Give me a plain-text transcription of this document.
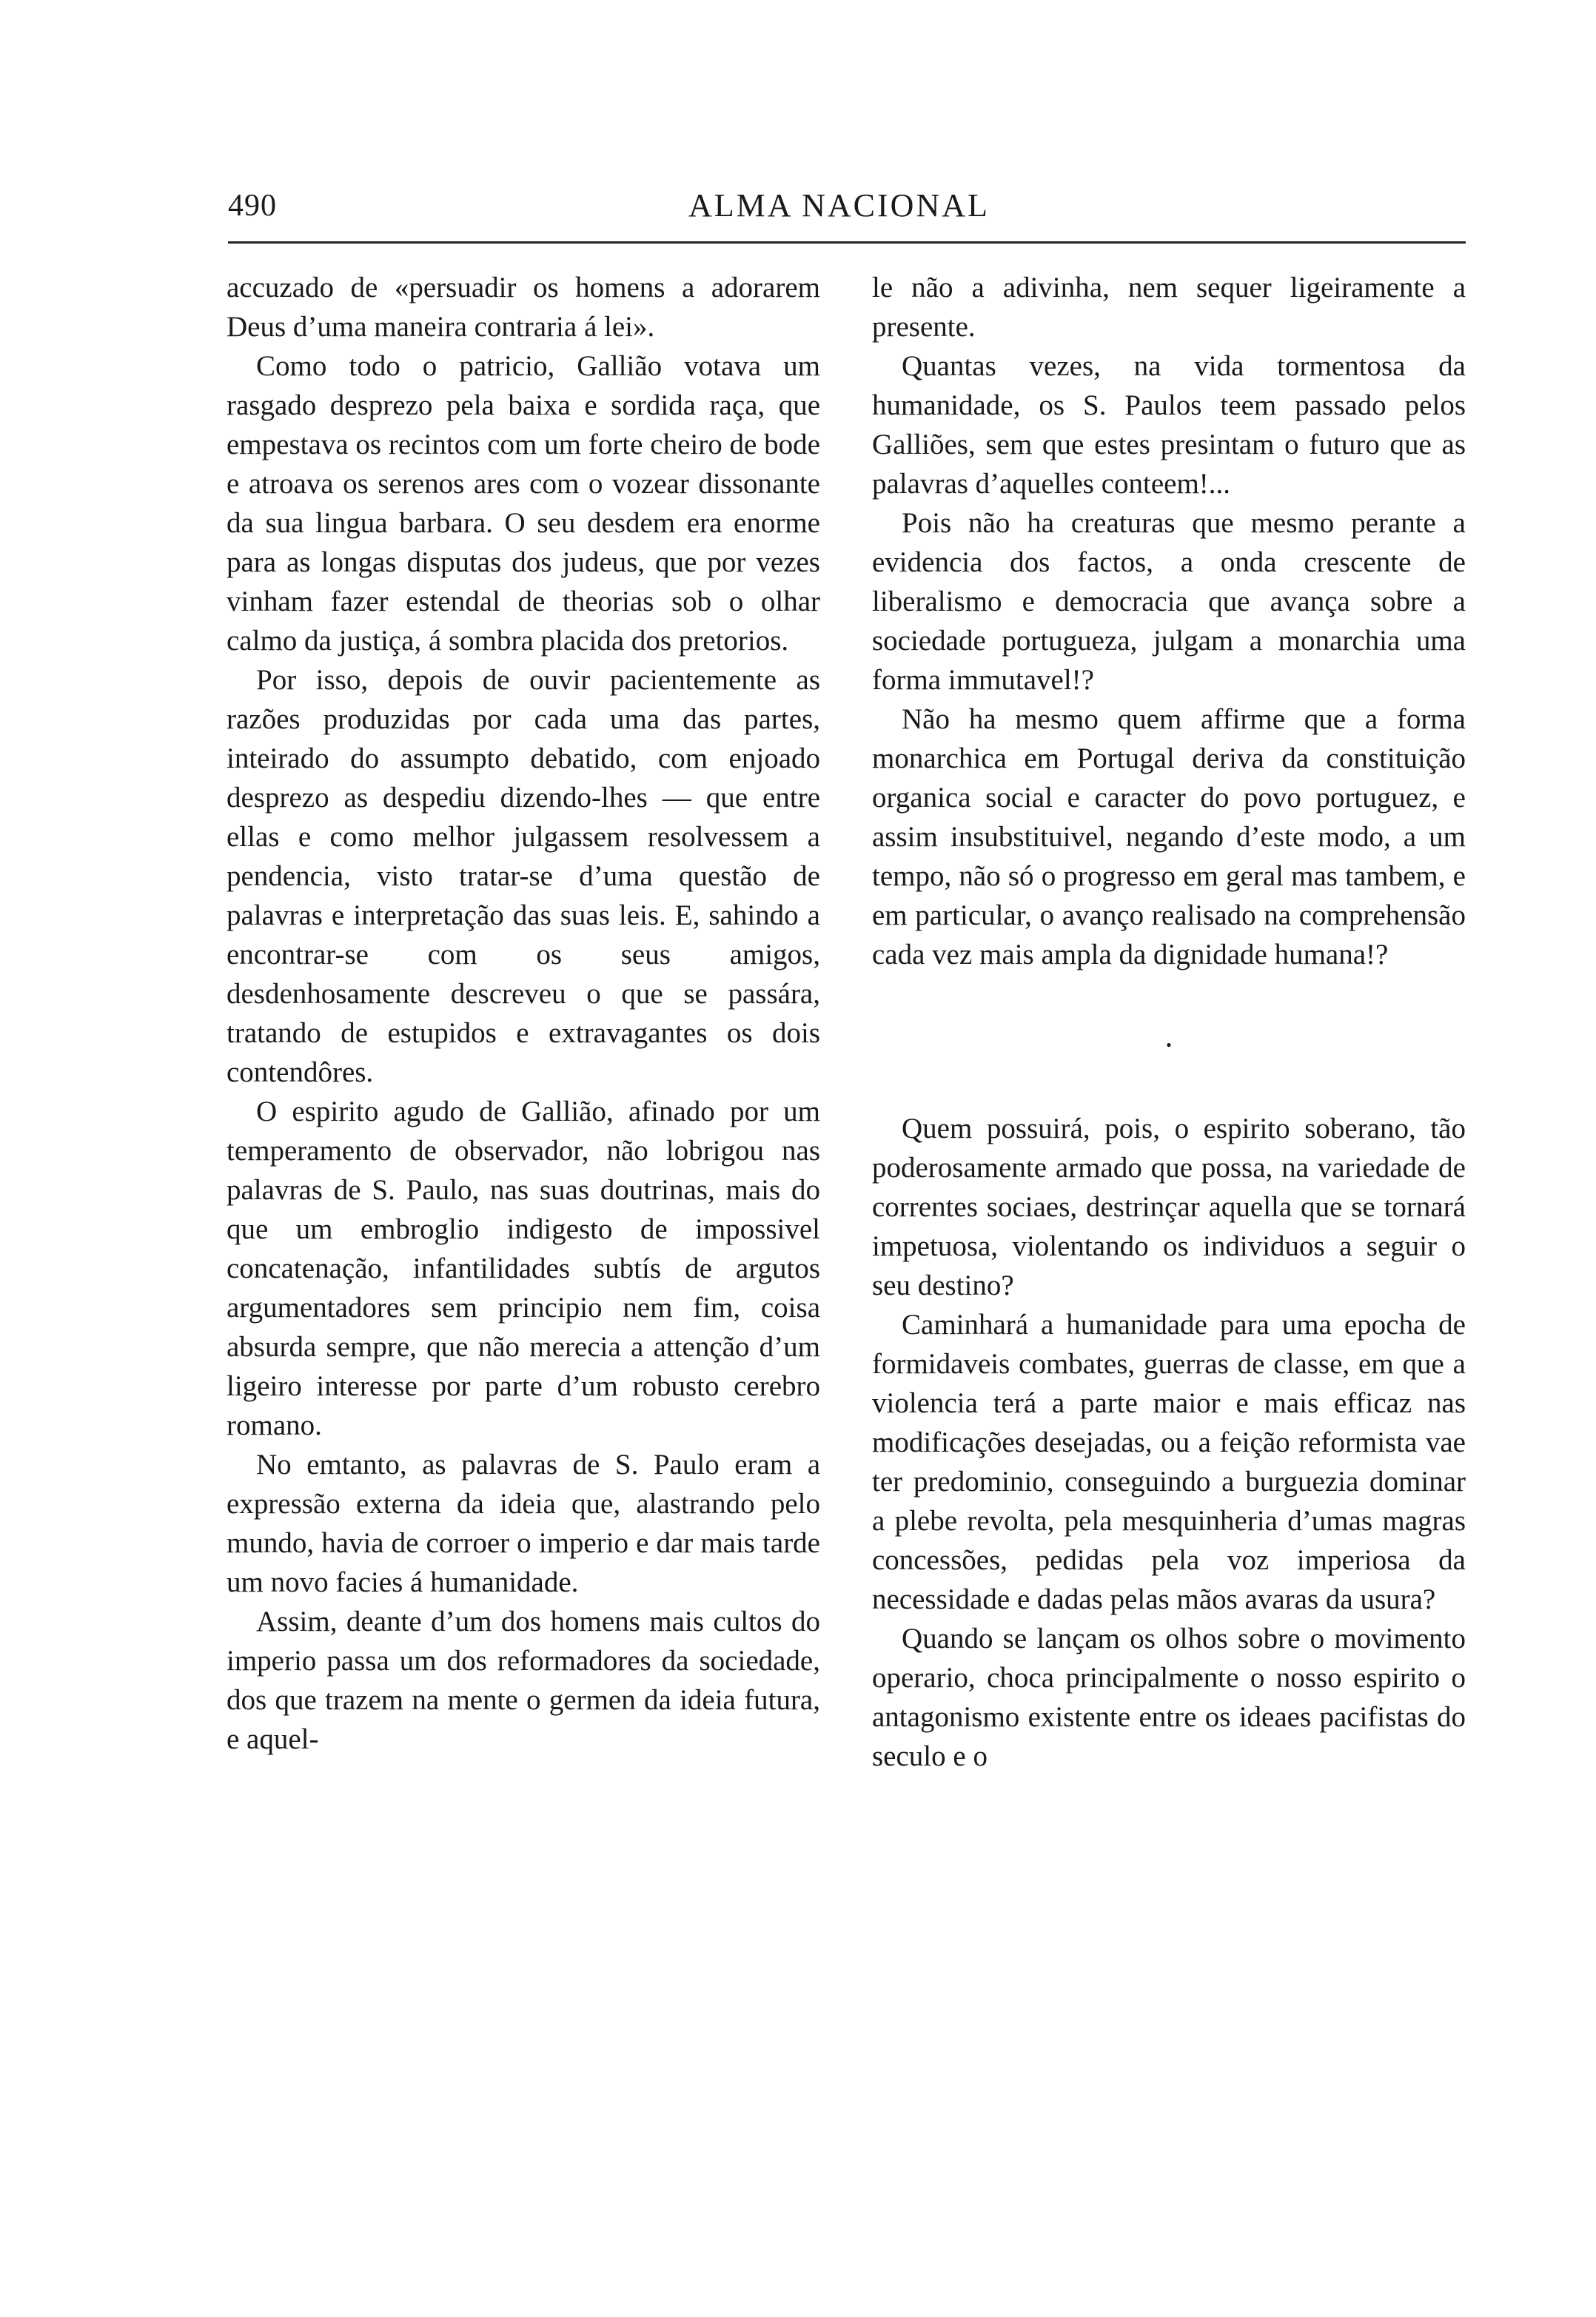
490	ALMA NACIONAL

accuzado de «persuadir os homens a adorarem Deus d’uma maneira contraria á lei».

Como todo o patricio, Gallião votava um rasgado desprezo pela baixa e sordida raça, que empestava os recintos com um forte cheiro de bode e atroava os serenos ares com o vozear dissonante da sua lingua barbara. O seu desdem era enorme para as longas disputas dos judeus, que por vezes vinham fazer estendal de theorias sob o olhar calmo da justiça, á sombra placida dos pretorios.

Por isso, depois de ouvir pacientemente as razões produzidas por cada uma das partes, inteirado do assumpto debatido, com enjoado desprezo as despediu dizendo-lhes — que entre ellas e como melhor julgassem resolvessem a pendencia, visto tratar-se d’uma questão de palavras e interpretação das suas leis. E, sahindo a encontrar-se com os seus amigos, desdenhosamente descreveu o que se passára, tratando de estupidos e extravagantes os dois contendôres.

O espirito agudo de Gallião, afinado por um temperamento de observador, não lobrigou nas palavras de S. Paulo, nas suas doutrinas, mais do que um embroglio indigesto de impossivel concatenação, infantilidades subtís de argutos argumentadores sem principio nem fim, coisa absurda sempre, que não merecia a attenção d’um ligeiro interesse por parte d’um robusto cerebro romano.

No emtanto, as palavras de S. Paulo eram a expressão externa da ideia que, alastrando pelo mundo, havia de corroer o imperio e dar mais tarde um novo facies á humanidade.

Assim, deante d’um dos homens mais cultos do imperio passa um dos reformadores da sociedade, dos que trazem na mente o germen da ideia futura, e aquel-

le não a adivinha, nem sequer ligeiramente a presente.

Quantas vezes, na vida tormentosa da humanidade, os S. Paulos teem passado pelos Galliões, sem que estes presintam o futuro que as palavras d’aquelles conteem!...

Pois não ha creaturas que mesmo perante a evidencia dos factos, a onda crescente de liberalismo e democracia que avança sobre a sociedade portugueza, julgam a monarchia uma forma immutavel!?

Não ha mesmo quem affirme que a forma monarchica em Portugal deriva da constituição organica social e caracter do povo portuguez, e assim insubstituivel, negando d’este modo, a um tempo, não só o progresso em geral mas tambem, e em particular, o avanço realisado na comprehensão cada vez mais ampla da dignidade humana!?

•

Quem possuirá, pois, o espirito soberano, tão poderosamente armado que possa, na variedade de correntes sociaes, destrinçar aquella que se tornará impetuosa, violentando os individuos a seguir o seu destino?

Caminhará a humanidade para uma epocha de formidaveis combates, guerras de classe, em que a violencia terá a parte maior e mais efficaz nas modificações desejadas, ou a feição reformista vae ter predominio, conseguindo a burguezia dominar a plebe revolta, pela mesquinheria d’umas magras concessões, pedidas pela voz imperiosa da necessidade e dadas pelas mãos avaras da usura?

Quando se lançam os olhos sobre o movimento operario, choca principalmente o nosso espirito o antagonismo existente entre os ideaes pacifistas do seculo e o
